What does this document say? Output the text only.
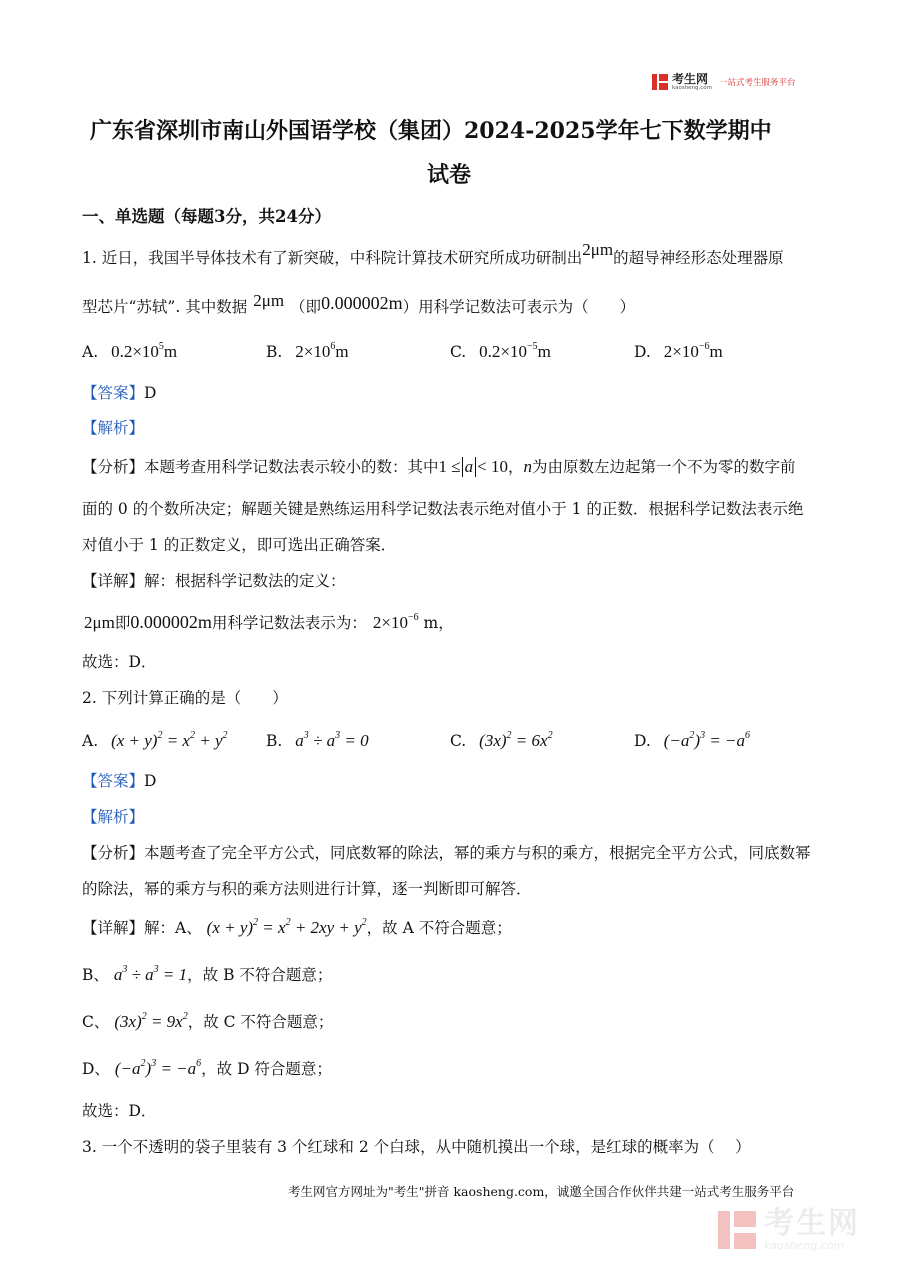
考生网
kaosheng.com 一站式考生服务平台
广东省深圳市南山外国语学校（集团）2024-2025学年七下数学期中
试卷
一、单选题（每题3分，共24分）
1. 近日，我国半导体技术有了新突破，中科院计算技术研究所成功研制出2μm的超导神经形态处理器原
型芯片“苏轼”. 其中数据 2μm （即0.000002m）用科学记数法可表示为（　　）
A. $0.2\times 10^5m$	B. $2\times 10^6m$	C. $0.2\times 10^{-5}m$	D. $2\times 10^{-6}m$
【答案】D
【解析】
【分析】本题考查用科学记数法表示较小的数：其中1 ≤ a < 10，n为由原数左边起第一个不为零的数字前
面的 0 的个数所决定；解题关键是熟练运用科学记数法表示绝对值小于 1 的正数．根据科学记数法表示绝
对值小于 1 的正数定义，即可选出正确答案．
【详解】解：根据科学记数法的定义：
2μm即0.000002m用科学记数法表示为： $2\times 10^{-6}$ m，
故选：D．
2. 下列计算正确的是（　　）
A. $(x + y)^2 = x^2 + y^2$ B. $a^3 \div a^3 = 0$	C. $(3x)^2 = 6x^2$	D. $(-a^2)^3 = -a^6$
【答案】D
【解析】
【分析】本题考查了完全平方公式，同底数幂的除法，幂的乘方与积的乘方，根据完全平方公式，同底数幂
的除法，幂的乘方与积的乘方法则进行计算，逐一判断即可解答．
【详解】解：A、 $(x + y)^2 = x^2 + 2xy + y^2$，故 A 不符合题意；
B、 $a^3 \div a^3 = 1$，故 B 不符合题意；
C、 $(3x)^2 = 9x^2$，故 C 不符合题意；
D、 $(-a^2)^3 = -a^6$，故 D 符合题意；
故选：D．
3. 一个不透明的袋子里装有 3 个红球和 2 个白球，从中随机摸出一个球，是红球的概率为（　 ）
考生网官方网址为"考生"拼音 kaosheng.com，诚邀全国合作伙伴共建一站式考生服务平台
考生网
kaosheng.com
